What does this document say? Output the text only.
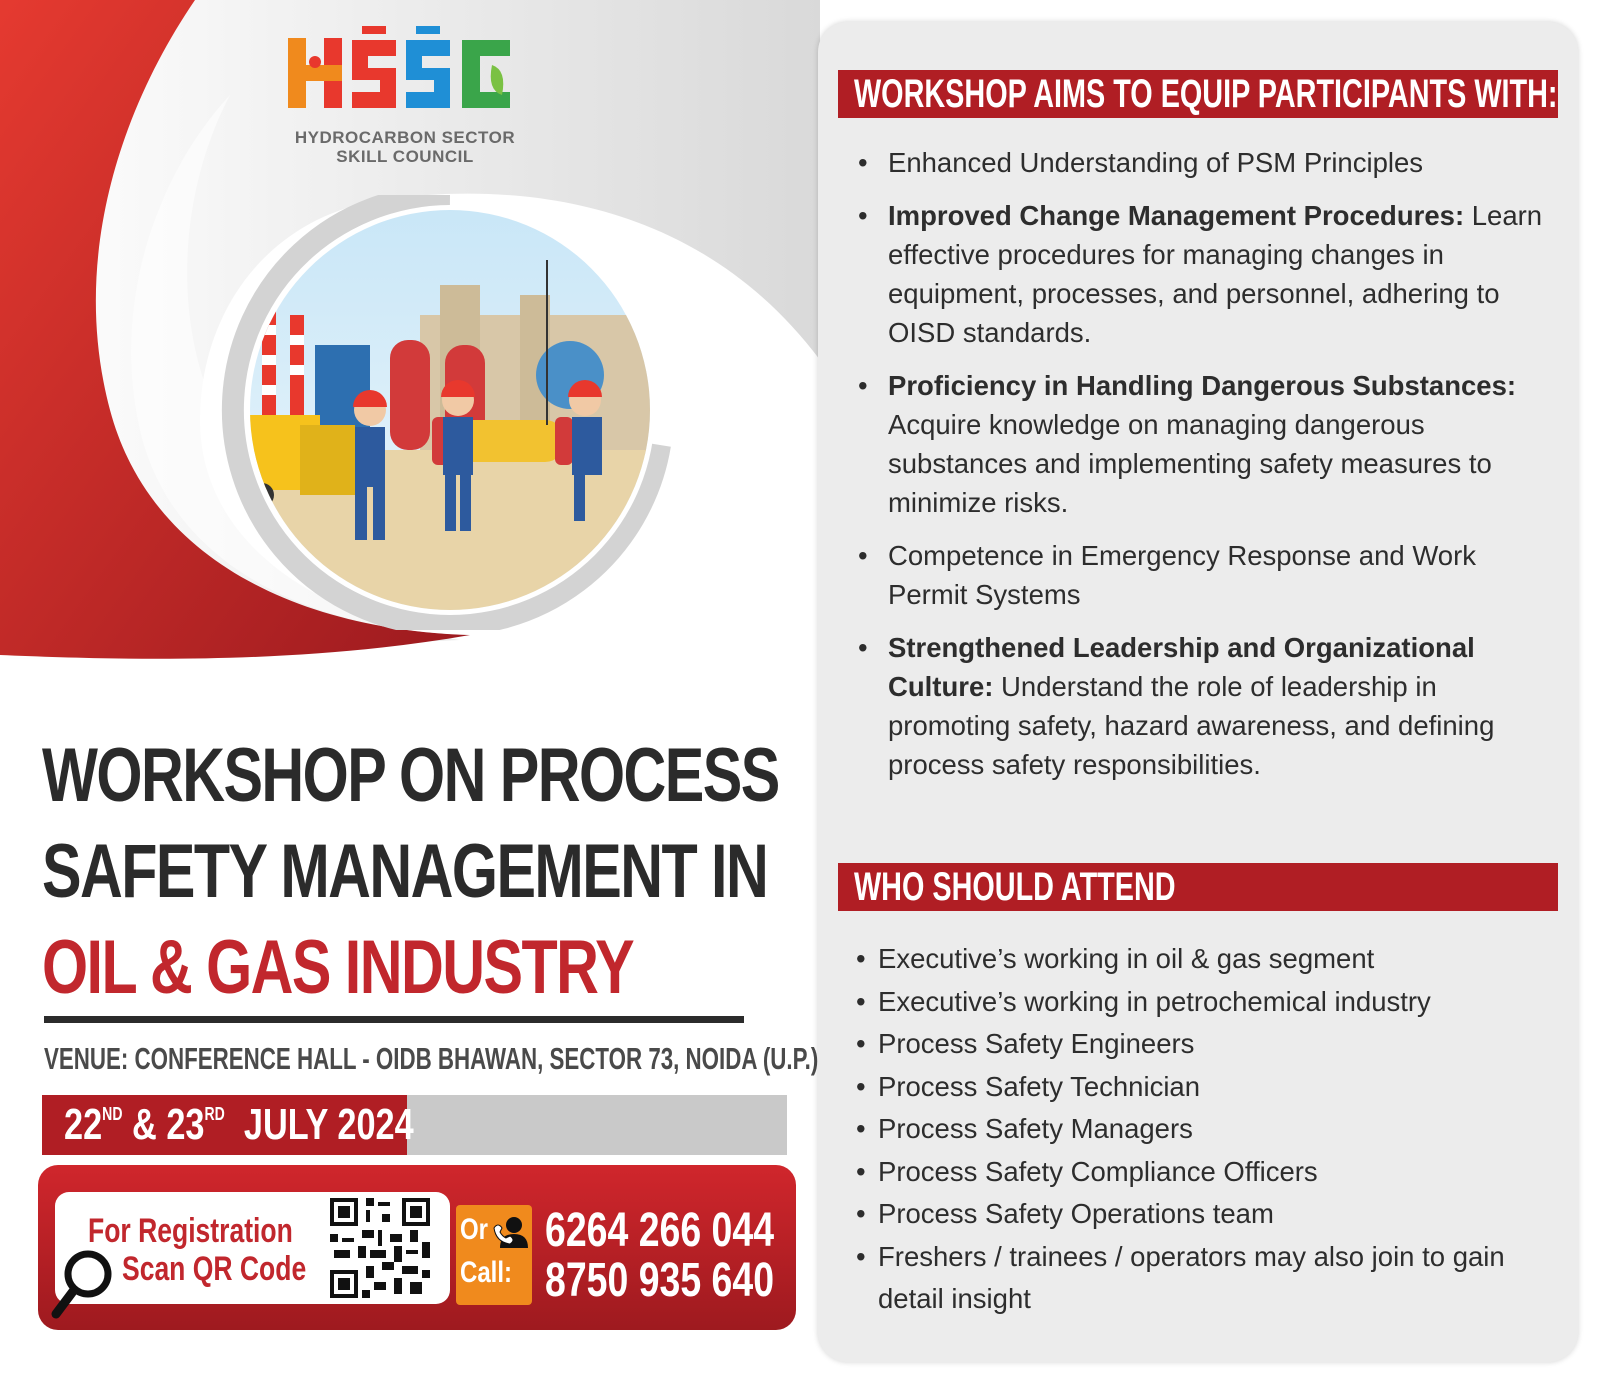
HYDROCARBON SECTOR
SKILL COUNCIL
WORKSHOP ON PROCESS
SAFETY MANAGEMENT IN
OIL & GAS INDUSTRY
VENUE: CONFERENCE HALL - OIDB BHAWAN, SECTOR 73, NOIDA (U.P.)
22ND & 23RD  JULY 2024
For Registration
Scan QR Code
Or
Call:
6264 266 044
8750 935 640
WORKSHOP AIMS TO EQUIP PARTICIPANTS WITH:
• Enhanced Understanding of PSM Principles
• Improved Change Management Procedures: Learn effective procedures for managing changes in equipment, processes, and personnel, adhering to OISD standards.
• Proficiency in Handling Dangerous Substances: Acquire knowledge on managing dangerous substances and implementing safety measures to minimize risks.
• Competence in Emergency Response and Work Permit Systems
• Strengthened Leadership and Organizational Culture: Understand the role of leadership in promoting safety, hazard awareness, and defining process safety responsibilities.
WHO SHOULD ATTEND
• Executive’s working in oil & gas segment
• Executive’s working in petrochemical industry
• Process Safety Engineers
• Process Safety Technician
• Process Safety Managers
• Process Safety Compliance Officers
• Process Safety Operations team
• Freshers / trainees / operators may also join to gain detail insight
